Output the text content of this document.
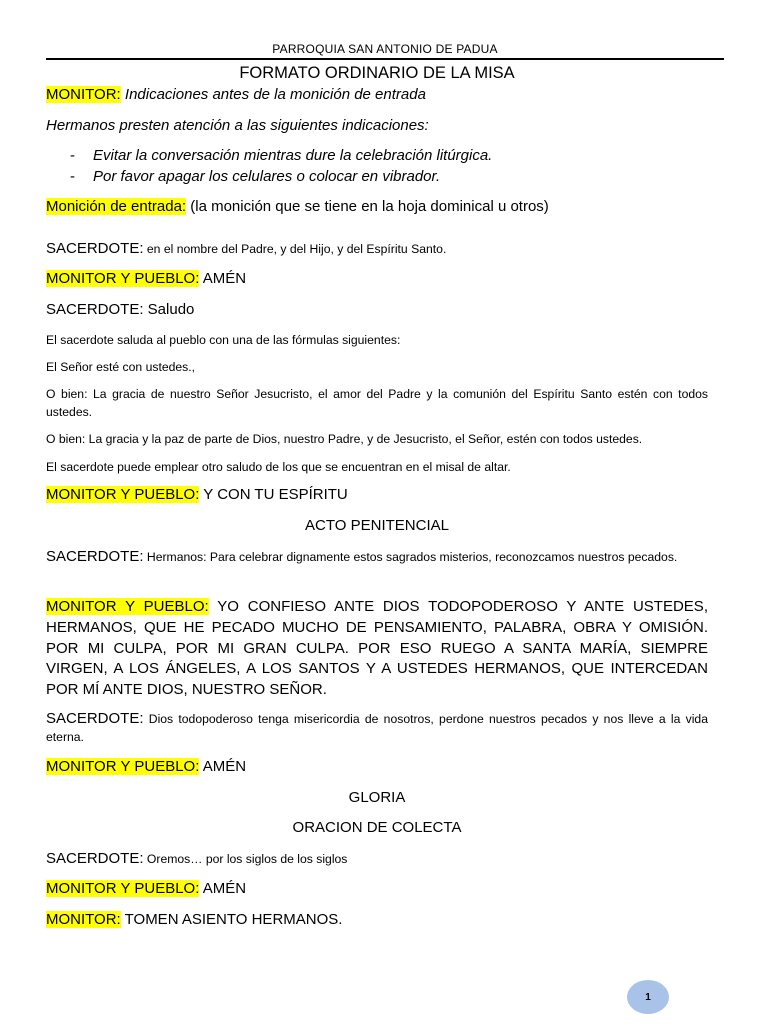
PARROQUIA SAN ANTONIO DE PADUA
FORMATO ORDINARIO DE LA MISA
MONITOR: Indicaciones antes de la monición de entrada
Hermanos presten atención a las siguientes indicaciones:
- Evitar la conversación mientras dure la celebración litúrgica.
- Por favor apagar los celulares o colocar en vibrador.
Monición de entrada: (la monición que se tiene en la hoja dominical u otros)
SACERDOTE: en el nombre del Padre, y del Hijo, y del Espíritu Santo.
MONITOR Y PUEBLO: AMÉN
SACERDOTE: Saludo
El sacerdote saluda al pueblo con una de las fórmulas siguientes:
El Señor esté con ustedes.,
O bien: La gracia de nuestro Señor Jesucristo, el amor del Padre y la comunión del Espíritu Santo estén con todos ustedes.
O bien: La gracia y la paz de parte de Dios, nuestro Padre, y de Jesucristo, el Señor, estén con todos ustedes.
El sacerdote puede emplear otro saludo de los que se encuentran en el misal de altar.
MONITOR Y PUEBLO: Y CON TU ESPÍRITU
ACTO PENITENCIAL
SACERDOTE: Hermanos: Para celebrar dignamente estos sagrados misterios, reconozcamos nuestros pecados.
MONITOR Y PUEBLO: YO CONFIESO ANTE DIOS TODOPODEROSO Y ANTE USTEDES, HERMANOS, QUE HE PECADO MUCHO DE PENSAMIENTO, PALABRA, OBRA Y OMISIÓN. POR MI CULPA, POR MI GRAN CULPA. POR ESO RUEGO A SANTA MARÍA, SIEMPRE VIRGEN, A LOS ÁNGELES, A LOS SANTOS Y A USTEDES HERMANOS, QUE INTERCEDAN POR MÍ ANTE DIOS, NUESTRO SEÑOR.
SACERDOTE: Dios todopoderoso tenga misericordia de nosotros, perdone nuestros pecados y nos lleve a la vida eterna.
MONITOR Y PUEBLO: AMÉN
GLORIA
ORACION DE COLECTA
SACERDOTE: Oremos… por los siglos de los siglos
MONITOR Y PUEBLO: AMÉN
MONITOR: TOMEN ASIENTO HERMANOS.
1
